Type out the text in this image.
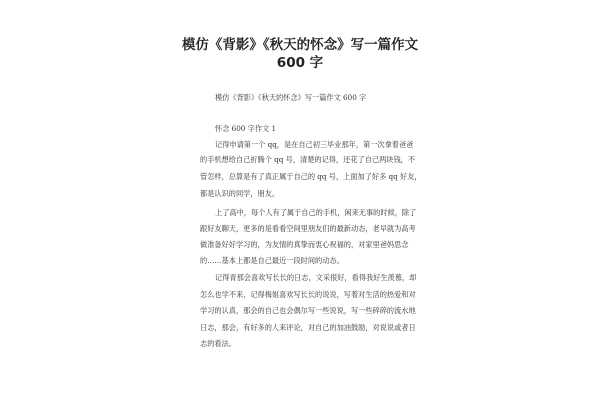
模仿《背影》《秋天的怀念》写一篇作文
600 字
模仿《背影》《秋天的怀念》写一篇作文 600 字
怀念 600 字作文 1
记得申请第一个 qq，是在自己初三毕业那年，第一次拿着爸爸
的手机想给自己折腾个 qq 号，清楚的记得，还花了自己两块钱，不
管怎样，总算是有了真正属于自己的 qq 号，上面加了好多 qq 好友，
都是认识的同学，朋友。
上了高中，每个人有了属于自己的手机，闲来无事的时候，除了
跟好友聊天，更多的是看看空间里朋友们的最新动态，老早就为高考
做准备好好学习的，为友情的真挚而衷心祝福的，对家里爸妈思念
的……基本上都是自己最近一段时间的动态。
记得青那会喜欢写长长的日志，文采很好，看得我好生羡慕，却
怎么也学不来，记得梅姐喜欢写长长的说说，写着对生活的热爱和对
学习的认真，那会的自己也会偶尔写一些说说，写一些碎碎的流水地
日志，那会，有好多的人来评论，对自己的加油鼓励，对说说或者日
志的看法。
